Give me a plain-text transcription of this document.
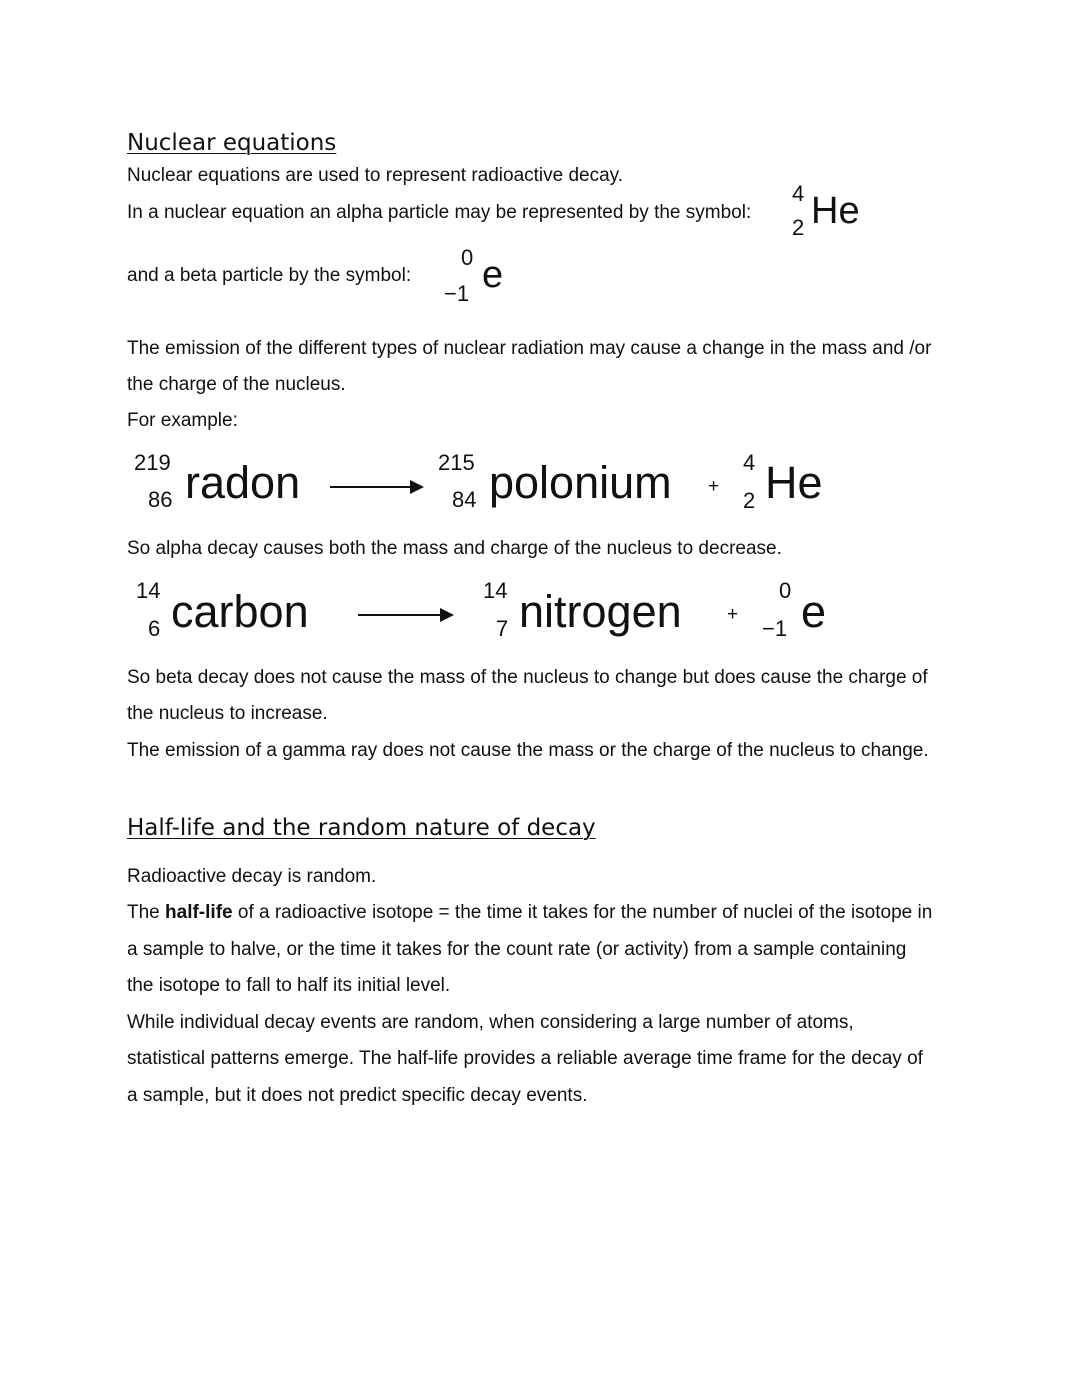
Nuclear equations
Nuclear equations are used to represent radioactive decay.
In a nuclear equation an alpha particle may be represented by the symbol:
4
2 He
and a beta particle by the symbol:
0
−1 e
The emission of the different types of nuclear radiation may cause a change in the mass and /or
the charge of the nucleus.
For example:
219
86 radon	215
84 polonium +
4
2 He
So alpha decay causes both the mass and charge of the nucleus to decrease.
14
6 carbon	14
7 nitrogen +
0
−1 e
So beta decay does not cause the mass of the nucleus to change but does cause the charge of
the nucleus to increase.
The emission of a gamma ray does not cause the mass or the charge of the nucleus to change.
Half-life and the random nature of decay
Radioactive decay is random.
The half-life of a radioactive isotope = the time it takes for the number of nuclei of the isotope in
a sample to halve, or the time it takes for the count rate (or activity) from a sample containing
the isotope to fall to half its initial level.
While individual decay events are random, when considering a large number of atoms,
statistical patterns emerge. The half-life provides a reliable average time frame for the decay of
a sample, but it does not predict specific decay events.
